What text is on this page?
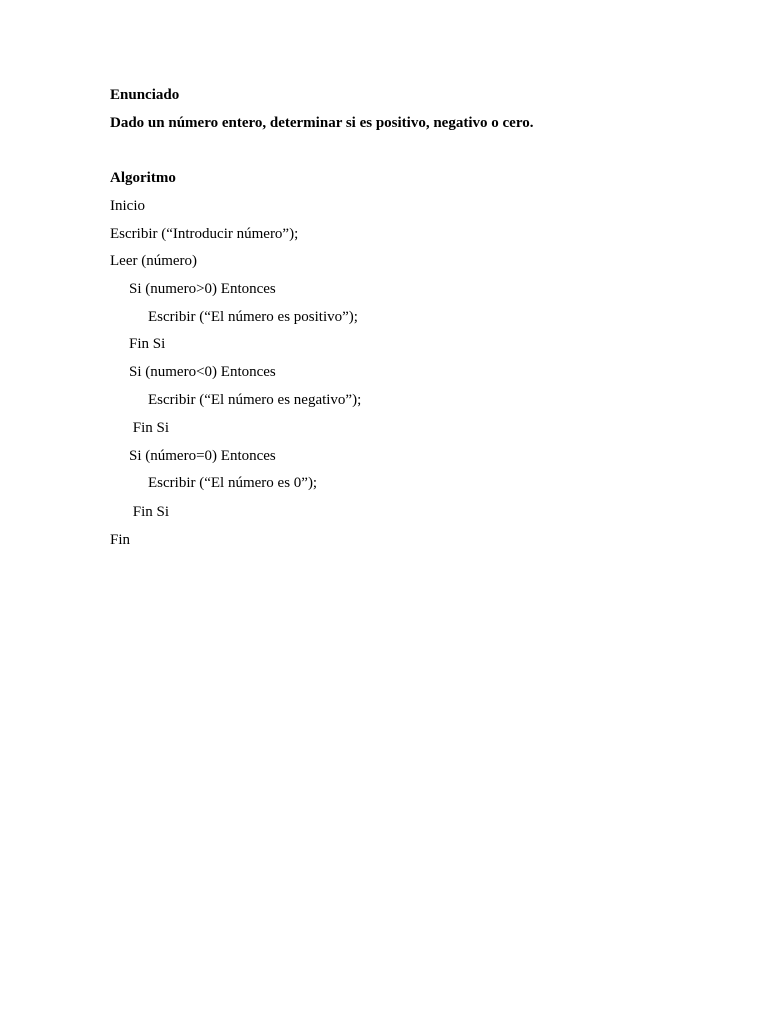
Enunciado
Dado un número entero, determinar si es positivo, negativo o cero.
Algoritmo
Inicio
Escribir (“Introducir número”);
Leer (número)
Si (numero>0) Entonces
Escribir (“El número es positivo”);
Fin Si
Si (numero<0) Entonces
Escribir (“El número es negativo”);
Fin Si
Si (número=0) Entonces
Escribir (“El número es 0”);
Fin Si
Fin
